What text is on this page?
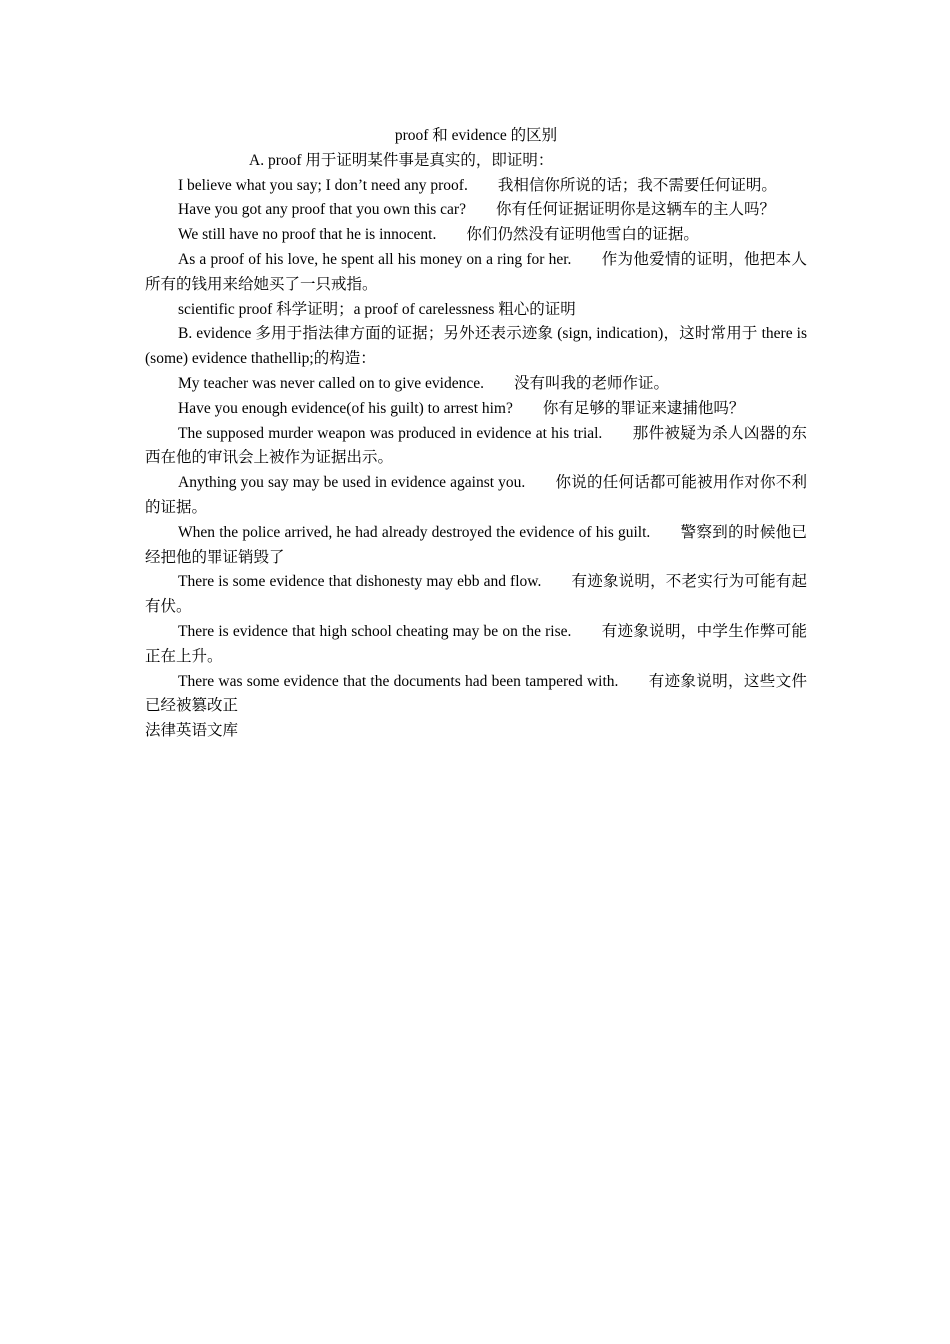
proof 和 evidence 的区别

A. proof 用于证明某件事是真实的，即证明：

I believe what you say; I don’t need any proof. 我相信你所说的话；我不需要任何证明。

Have you got any proof that you own this car? 你有任何证据证明你是这辆车的主人吗？

We still have no proof that he is innocent. 你们仍然没有证明他雪白的证据。

As a proof of his love, he spent all his money on a ring for her. 作为他爱情的证明，他把本人所有的钱用来给她买了一只戒指。

scientific proof 科学证明；a proof of carelessness 粗心的证明

B. evidence 多用于指法律方面的证据；另外还表示迹象 (sign, indication)，这时常用于 there is (some) evidence thathellip;的构造：

My teacher was never called on to give evidence. 没有叫我的老师作证。

Have you enough evidence(of his guilt) to arrest him? 你有足够的罪证来逮捕他吗？

The supposed murder weapon was produced in evidence at his trial. 那件被疑为杀人凶器的东西在他的审讯会上被作为证据出示。

Anything you say may be used in evidence against you. 你说的任何话都可能被用作对你不利的证据。

When the police arrived, he had already destroyed the evidence of his guilt. 警察到的时候他已经把他的罪证销毁了

There is some evidence that dishonesty may ebb and flow. 有迹象说明，不老实行为可能有起有伏。

There is evidence that high school cheating may be on the rise. 有迹象说明，中学生作弊可能正在上升。

There was some evidence that the documents had been tampered with. 有迹象说明，这些文件已经被篡改正

法律英语文库
